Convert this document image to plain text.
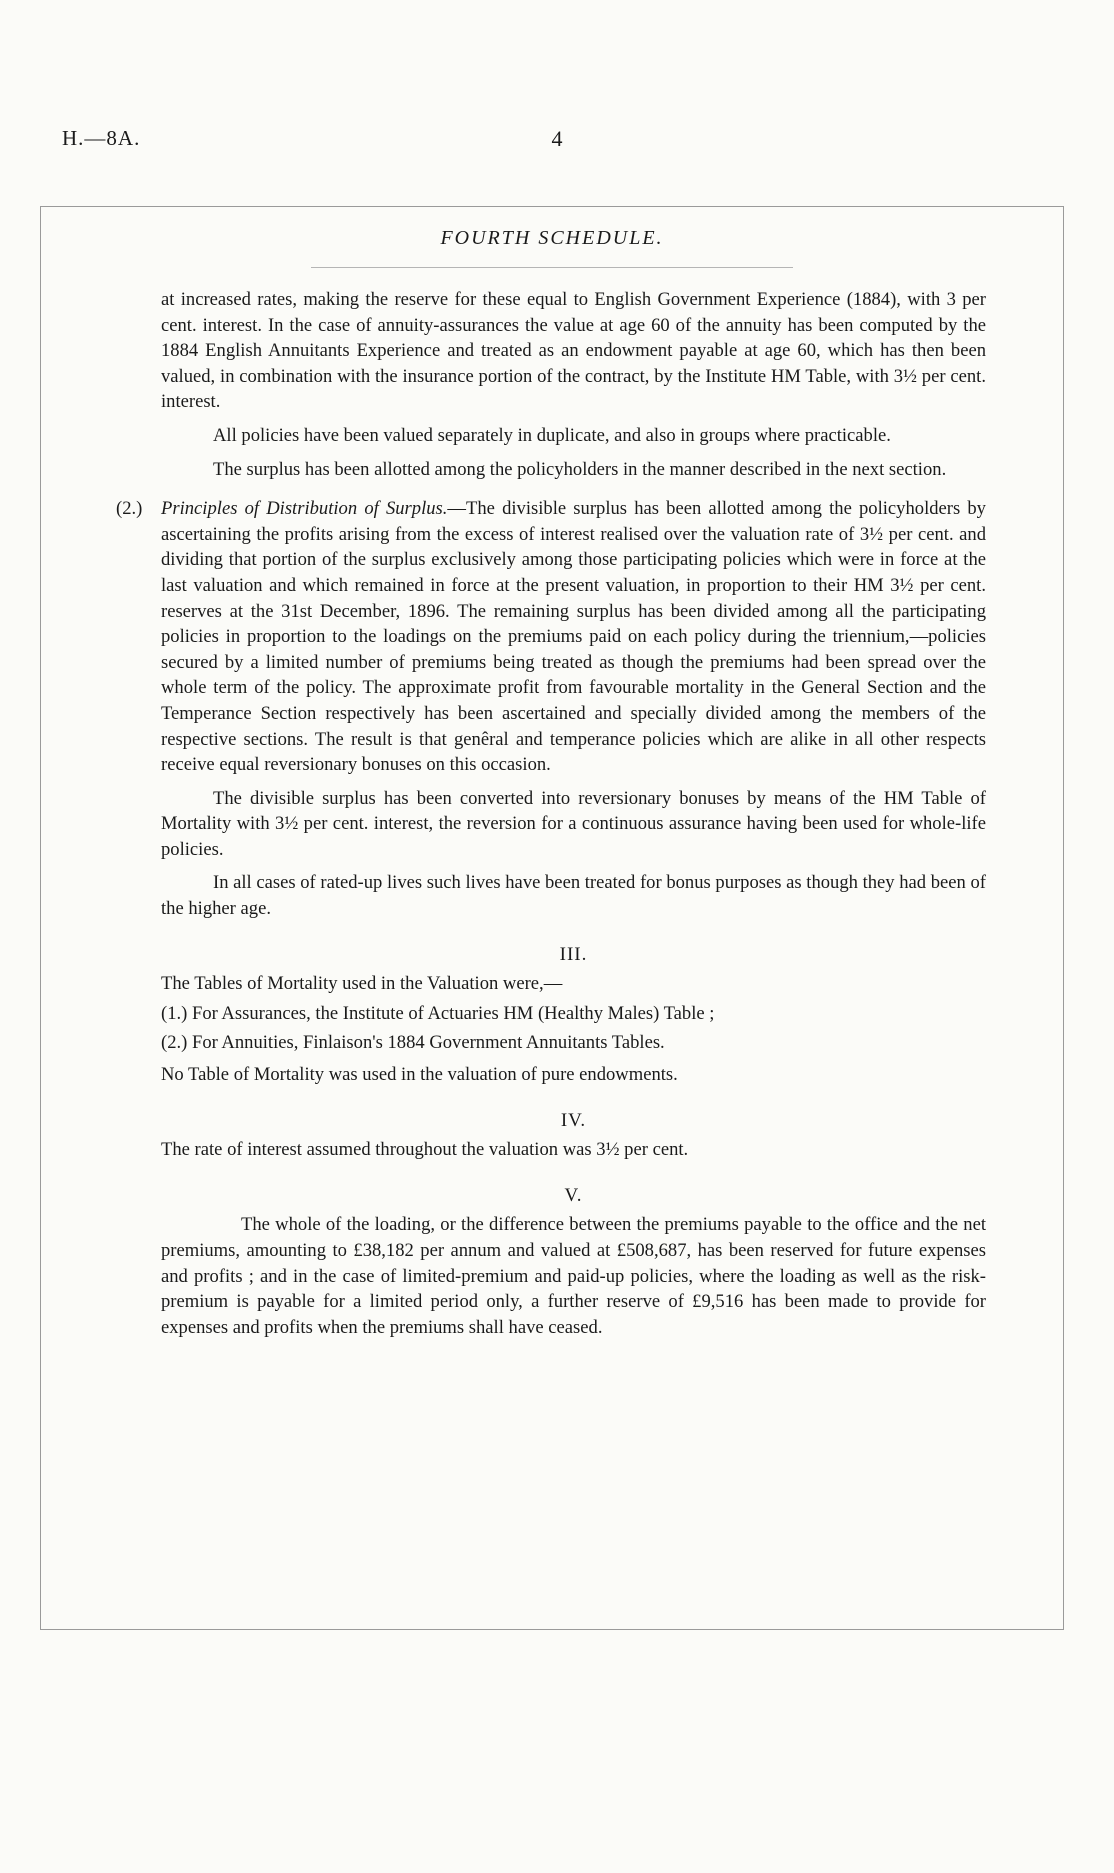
H.—8A.	4
FOURTH SCHEDULE.

at increased rates, making the reserve for these equal to English Government Experience (1884), with 3 per cent. interest. In the case of annuity-assurances the value at age 60 of the annuity has been computed by the 1884 English Annuitants Experience and treated as an endowment payable at age 60, which has then been valued, in combination with the insurance portion of the contract, by the Institute HM Table, with 3½ per cent. interest.

All policies have been valued separately in duplicate, and also in groups where practicable.

The surplus has been allotted among the policyholders in the manner described in the next section.

(2.) Principles of Distribution of Surplus.—The divisible surplus has been allotted among the policyholders by ascertaining the profits arising from the excess of interest realised over the valuation rate of 3½ per cent. and dividing that portion of the surplus exclusively among those participating policies which were in force at the last valuation and which remained in force at the present valuation, in proportion to their HM 3½ per cent. reserves at the 31st December, 1896. The remaining surplus has been divided among all the participating policies in proportion to the loadings on the premiums paid on each policy during the triennium,—policies secured by a limited number of premiums being treated as though the premiums had been spread over the whole term of the policy. The approximate profit from favourable mortality in the General Section and the Temperance Section respectively has been ascertained and specially divided among the members of the respective sections. The result is that genêral and temperance policies which are alike in all other respects receive equal reversionary bonuses on this occasion.

The divisible surplus has been converted into reversionary bonuses by means of the HM Table of Mortality with 3½ per cent. interest, the reversion for a continuous assurance having been used for whole-life policies.

In all cases of rated-up lives such lives have been treated for bonus purposes as though they had been of the higher age.

III.

The Tables of Mortality used in the Valuation were,—

(1.) For Assurances, the Institute of Actuaries HM (Healthy Males) Table ;

(2.) For Annuities, Finlaison's 1884 Government Annuitants Tables.

No Table of Mortality was used in the valuation of pure endowments.

IV.

The rate of interest assumed throughout the valuation was 3½ per cent.

V.

The whole of the loading, or the difference between the premiums payable to the office and the net premiums, amounting to £38,182 per annum and valued at £508,687, has been reserved for future expenses and profits ; and in the case of limited-premium and paid-up policies, where the loading as well as the risk-premium is payable for a limited period only, a further reserve of £9,516 has been made to provide for expenses and profits when the premiums shall have ceased.
